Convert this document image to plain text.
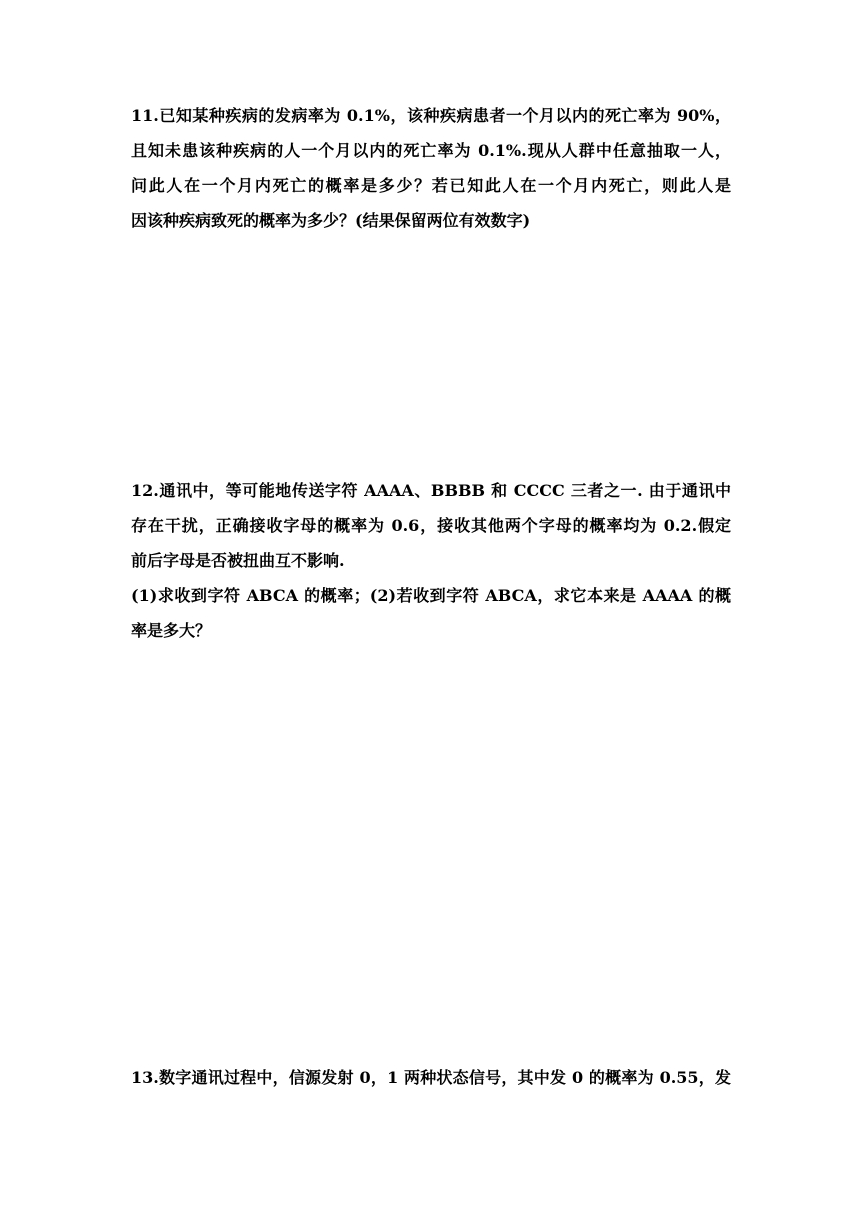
11.已知某种疾病的发病率为 0.1%，该种疾病患者一个月以内的死亡率为 90%，
且知未患该种疾病的人一个月以内的死亡率为 0.1%.现从人群中任意抽取一人，
问此人在一个月内死亡的概率是多少？若已知此人在一个月内死亡，则此人是
因该种疾病致死的概率为多少？(结果保留两位有效数字)
12.通讯中，等可能地传送字符 AAAA、BBBB 和 CCCC 三者之一. 由于通讯中
存在干扰，正确接收字母的概率为 0.6，接收其他两个字母的概率均为 0.2.假定
前后字母是否被扭曲互不影响.
(1)求收到字符 ABCA 的概率；(2)若收到字符 ABCA，求它本来是 AAAA 的概
率是多大？
13.数字通讯过程中，信源发射 0，1 两种状态信号，其中发 0 的概率为 0.55，发
